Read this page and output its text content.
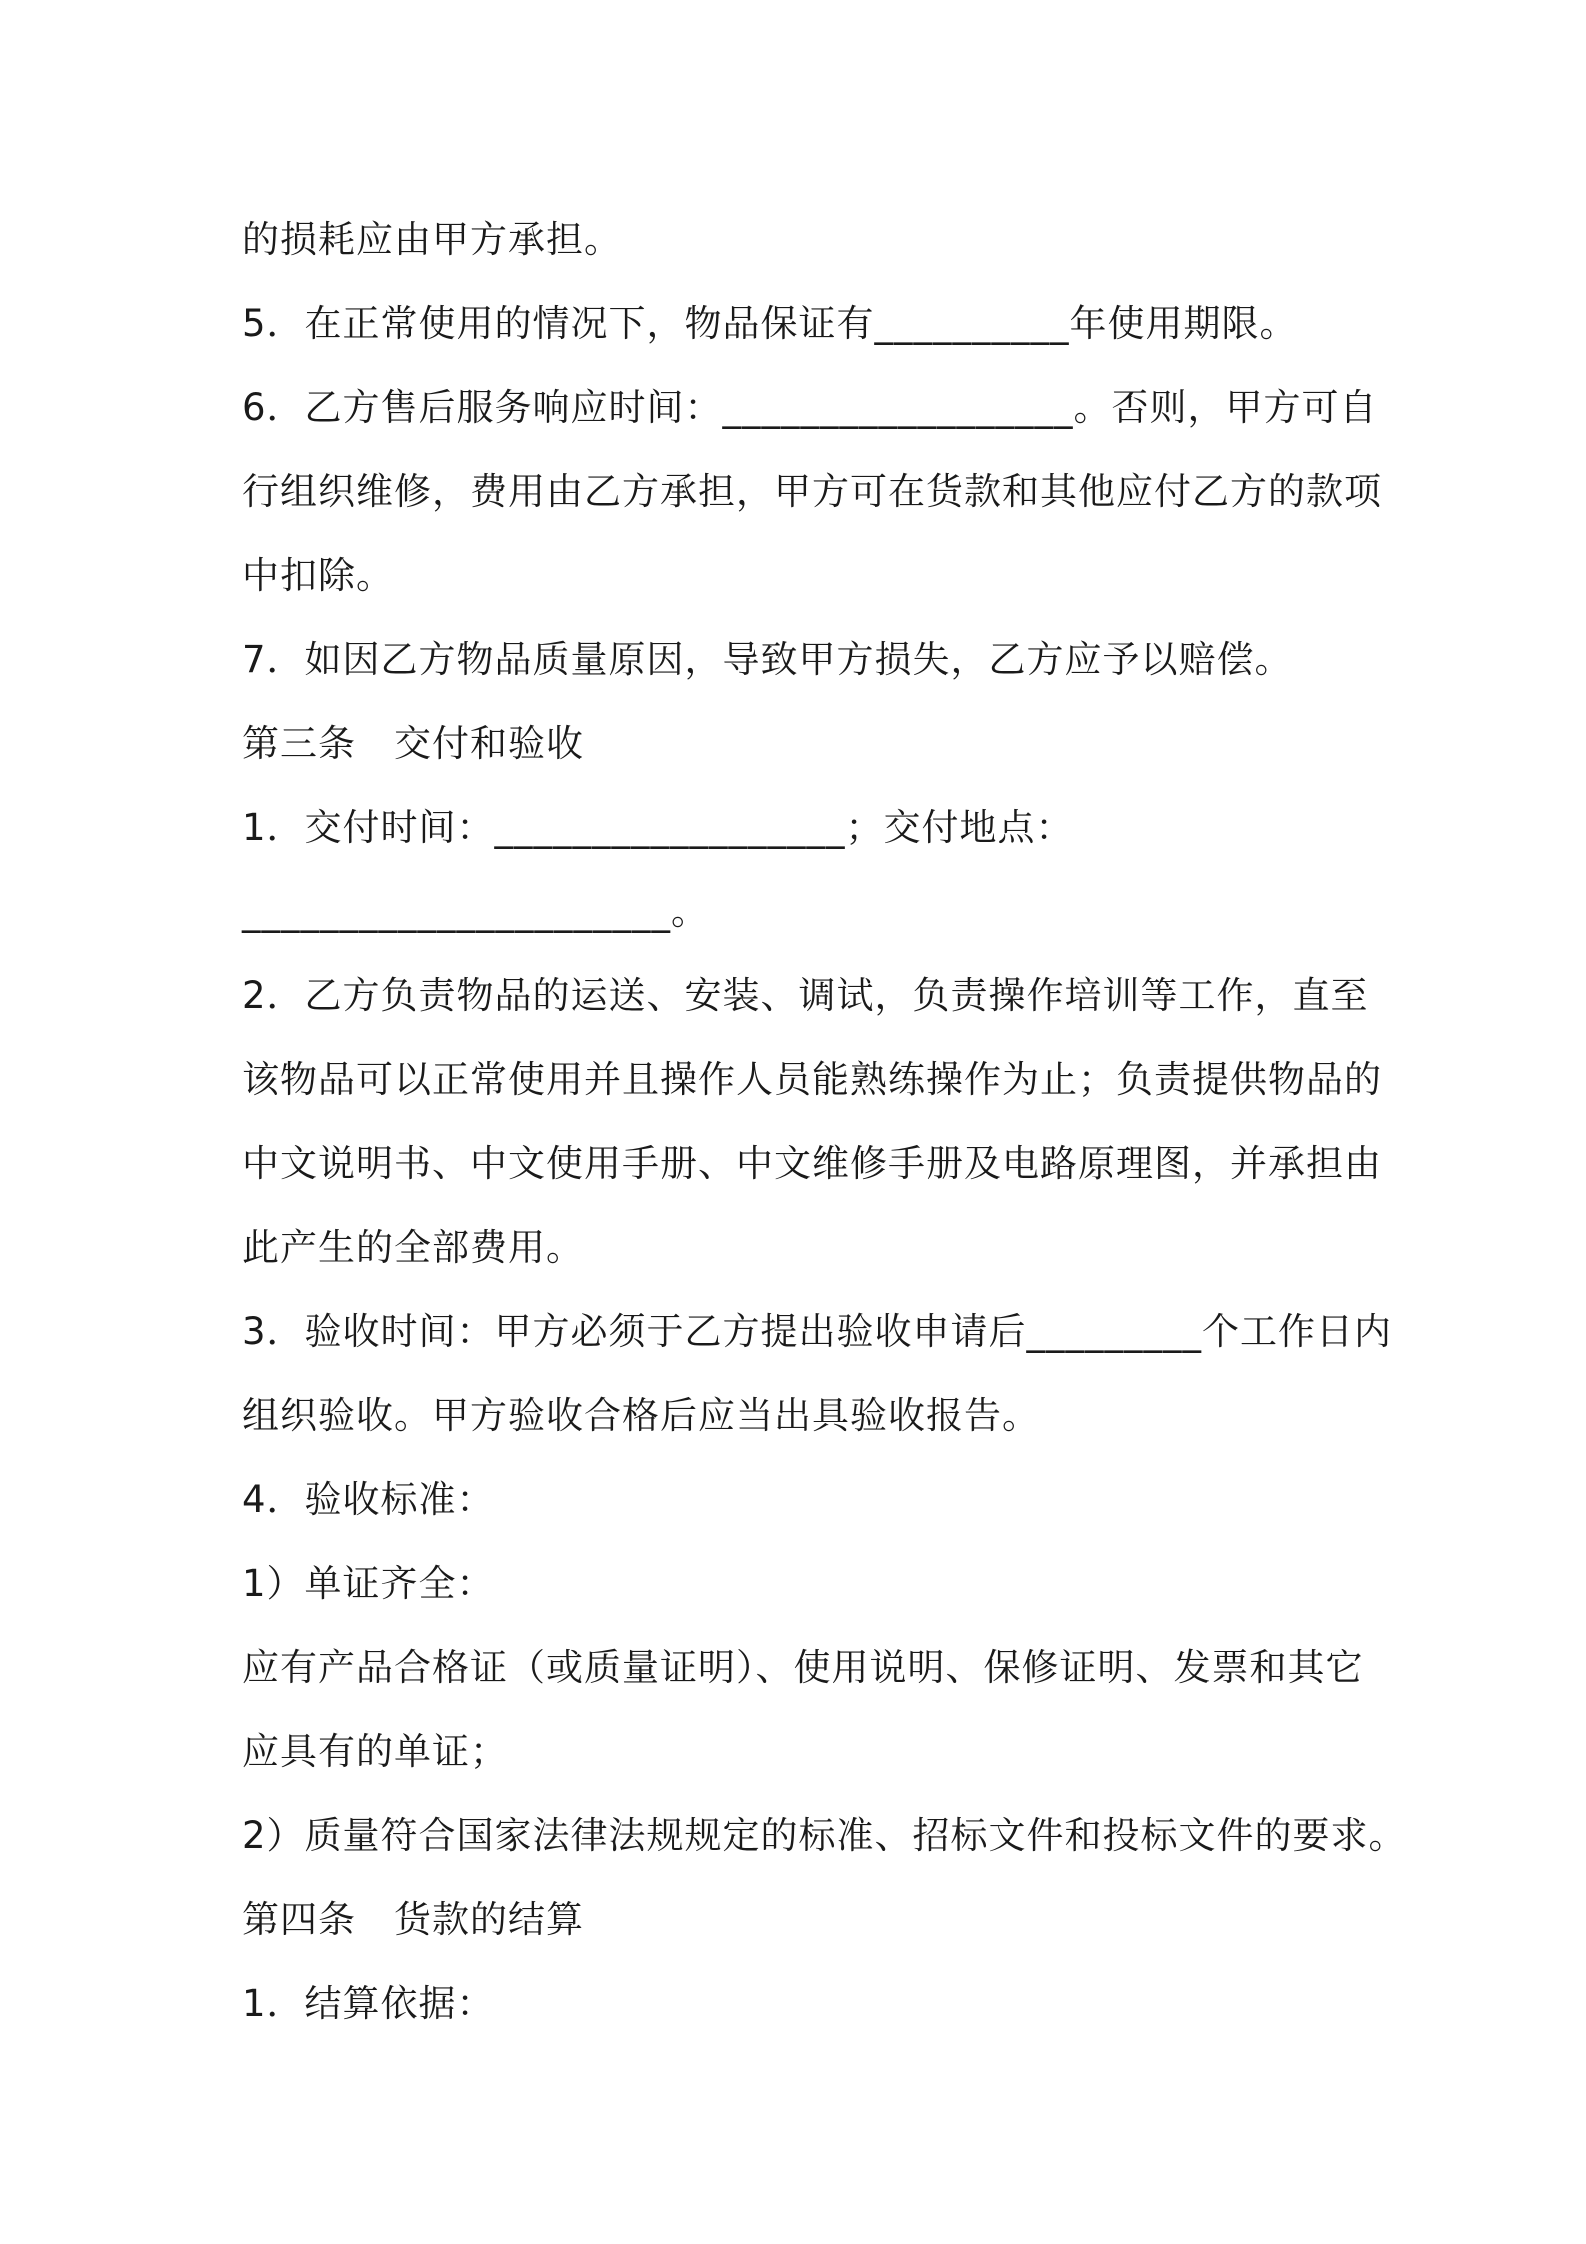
的损耗应由甲方承担。
5．在正常使用的情况下，物品保证有__________年使用期限。
6．乙方售后服务响应时间：__________________。否则，甲方可自
行组织维修，费用由乙方承担，甲方可在货款和其他应付乙方的款项
中扣除。
7．如因乙方物品质量原因，导致甲方损失，乙方应予以赔偿。
第三条　交付和验收
1．交付时间：__________________；交付地点：
______________________。
2．乙方负责物品的运送、安装、调试，负责操作培训等工作，直至
该物品可以正常使用并且操作人员能熟练操作为止；负责提供物品的
中文说明书、中文使用手册、中文维修手册及电路原理图，并承担由
此产生的全部费用。
3．验收时间：甲方必须于乙方提出验收申请后_________个工作日内
组织验收。甲方验收合格后应当出具验收报告。
4．验收标准：
1）单证齐全：
应有产品合格证（或质量证明）、使用说明、保修证明、发票和其它
应具有的单证；
2）质量符合国家法律法规规定的标准、招标文件和投标文件的要求。
第四条　货款的结算
1．结算依据：
